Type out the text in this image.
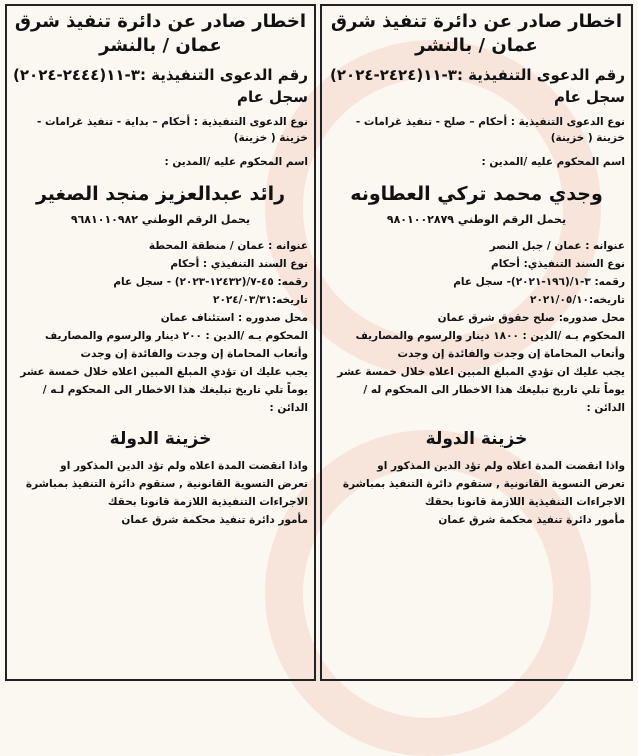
اخطار صادر عن دائرة تنفيذ شرق عمان / بالنشر
رقم الدعوى التنفيذية :٣-١١(٢٤٢٤-٢٠٢٤) سجل عام
نوع الدعوى التنفيذية : أحكام – صلح - تنفيذ غرامات - خزينة ( خزينة)
اسم المحكوم عليه /المدين :
وجدي محمد تركي العطاونه
يحمل الرقم الوطني ٩٨٠١٠٠٢٨٧٩
عنوانه : عمان / جبل النصر
نوع السند التنفيذي: أحكام
رقمه: ٣-١/(١٩٦-٢٠٢١)- سجل عام
تاريخه:٢٠٢١/٠٥/١٠
محل صدوره: صلح حقوق شرق عمان
المحكوم بـه /الدين : ١٨٠٠ دينار والرسوم والمصاريف
وأتعاب المحاماة إن وجدت والفائدة إن وجدت
يجب عليك ان تؤدي المبلغ المبين اعلاه خلال خمسة عشر
يوماً تلي تاريخ تبليغك هذا الاخطار الى المحكوم له /
الدائن :
خزينة الدولة
واذا انقضت المدة اعلاه ولم تؤد الدين المذكور او
تعرض التسوية القانونية , ستقوم دائرة التنفيذ بمباشرة
الاجراءات التنفيذية اللازمة قانونا بحقك
مأمور دائرة تنفيذ محكمة شرق عمان
اخطار صادر عن دائرة تنفيذ شرق عمان / بالنشر
رقم الدعوى التنفيذية :٣-١١(٢٤٤٤-٢٠٢٤) سجل عام
نوع الدعوى التنفيذية : أحكام – بداية - تنفيذ غرامات - خزينة ( خزينة)
اسم المحكوم عليه /المدين :
رائد عبدالعزيز منجد الصغير
يحمل الرقم الوطني ٩٦٨١٠١٠٩٨٢
عنوانه : عمان / منطقة المحطة
نوع السند التنفيذي : أحكام
رقمه: ٤٥-٧/(١٢٤٣٢-٢٠٢٣) - سجل عام
تاريخه:٢٠٢٤/٠٣/٣١
محل صدوره : استئناف عمان
المحكوم بـه /الدين : ٢٠٠ دينار والرسوم والمصاريف
وأتعاب المحاماة إن وجدت والفائدة إن وجدت
يجب عليك ان تؤدي المبلغ المبين اعلاه خلال خمسة عشر
يوماً تلي تاريخ تبليغك هذا الاخطار الى المحكوم لـه /
الدائن :
خزينة الدولة
واذا انقضت المدة اعلاه ولم تؤد الدين المذكور او
تعرض التسوية القانونية , ستقوم دائرة التنفيذ بمباشرة
الاجراءات التنفيذية اللازمة قانونا بحقك
مأمور دائرة تنفيذ محكمة شرق عمان
